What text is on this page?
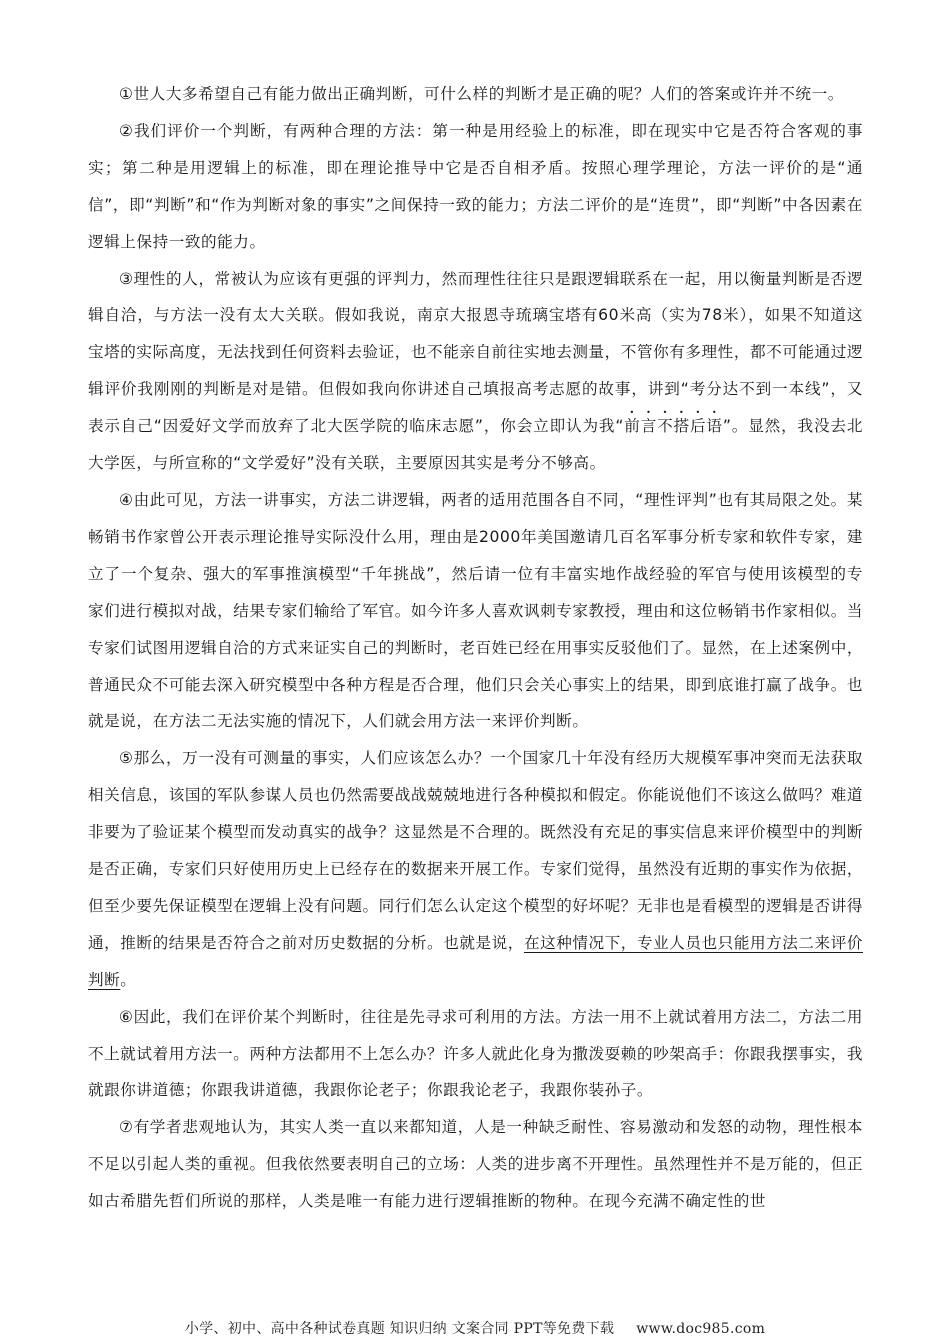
①世人大多希望自己有能力做出正确判断，可什么样的判断才是正确的呢？人们的答案或许并不统一。

②我们评价一个判断，有两种合理的方法：第一种是用经验上的标准，即在现实中它是否符合客观的事实；第二种是用逻辑上的标准，即在理论推导中它是否自相矛盾。按照心理学理论，方法一评价的是“通信”，即“判断”和“作为判断对象的事实”之间保持一致的能力；方法二评价的是“连贯”，即“判断”中各因素在逻辑上保持一致的能力。

③理性的人，常被认为应该有更强的评判力，然而理性往往只是跟逻辑联系在一起，用以衡量判断是否逻辑自洽，与方法一没有太大关联。假如我说，南京大报恩寺琉璃宝塔有60米高（实为78米），如果不知道这宝塔的实际高度，无法找到任何资料去验证，也不能亲自前往实地去测量，不管你有多理性，都不可能通过逻辑评价我刚刚的判断是对是错。但假如我向你讲述自己填报高考志愿的故事，讲到“考分达不到一本线”，又表示自己“因爱好文学而放弃了北大医学院的临床志愿”，你会立即认为我“前言不搭后语”。显然，我没去北大学医，与所宣称的“文学爱好”没有关联，主要原因其实是考分不够高。

④由此可见，方法一讲事实，方法二讲逻辑，两者的适用范围各自不同，“理性评判”也有其局限之处。某畅销书作家曾公开表示理论推导实际没什么用，理由是2000年美国邀请几百名军事分析专家和软件专家，建立了一个复杂、强大的军事推演模型“千年挑战”，然后请一位有丰富实地作战经验的军官与使用该模型的专家们进行模拟对战，结果专家们输给了军官。如今许多人喜欢讽刺专家教授，理由和这位畅销书作家相似。当专家们试图用逻辑自洽的方式来证实自己的判断时，老百姓已经在用事实反驳他们了。显然，在上述案例中，普通民众不可能去深入研究模型中各种方程是否合理，他们只会关心事实上的结果，即到底谁打赢了战争。也就是说，在方法二无法实施的情况下，人们就会用方法一来评价判断。

⑤那么，万一没有可测量的事实，人们应该怎么办？一个国家几十年没有经历大规模军事冲突而无法获取相关信息，该国的军队参谋人员也仍然需要战战兢兢地进行各种模拟和假定。你能说他们不该这么做吗？难道非要为了验证某个模型而发动真实的战争？这显然是不合理的。既然没有充足的事实信息来评价模型中的判断是否正确，专家们只好使用历史上已经存在的数据来开展工作。专家们觉得，虽然没有近期的事实作为依据，但至少要先保证模型在逻辑上没有问题。同行们怎么认定这个模型的好坏呢？无非也是看模型的逻辑是否讲得通，推断的结果是否符合之前对历史数据的分析。也就是说，在这种情况下，专业人员也只能用方法二来评价判断。

⑥因此，我们在评价某个判断时，往往是先寻求可利用的方法。方法一用不上就试着用方法二，方法二用不上就试着用方法一。两种方法都用不上怎么办？许多人就此化身为撒泼耍赖的吵架高手：你跟我摆事实，我就跟你讲道德；你跟我讲道德，我跟你论老子；你跟我论老子，我跟你装孙子。

⑦有学者悲观地认为，其实人类一直以来都知道，人是一种缺乏耐性、容易激动和发怒的动物，理性根本不足以引起人类的重视。但我依然要表明自己的立场：人类的进步离不开理性。虽然理性并不是万能的，但正如古希腊先哲们所说的那样，人类是唯一有能力进行逻辑推断的物种。在现今充满不确定性的世

小学、初中、高中各种试卷真题 知识归纳 文案合同 PPT等免费下载 www.doc985.com
